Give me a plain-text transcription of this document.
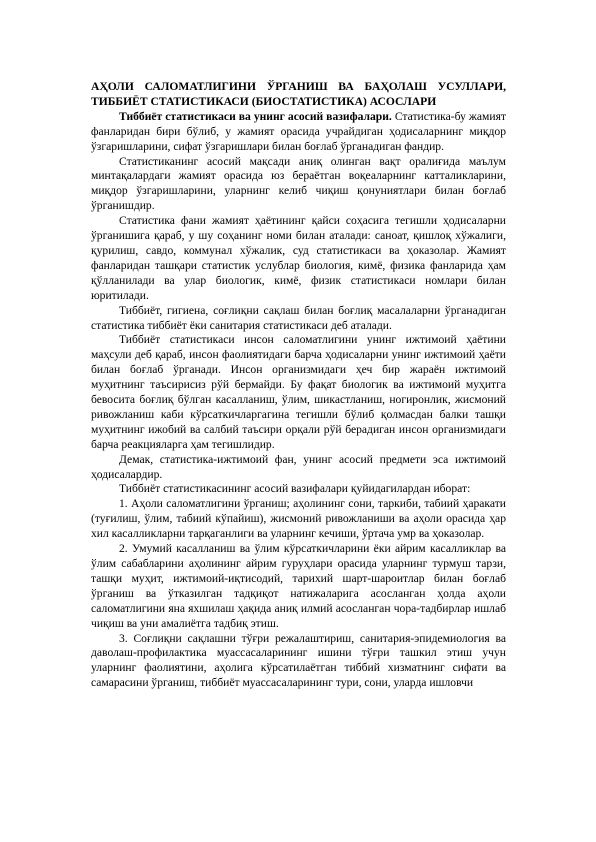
АҲОЛИ САЛОМАТЛИГИНИ ЎРГАНИШ ВА БАҲОЛАШ УСУЛЛАРИ, ТИББИЁТ СТАТИСТИКАСИ (БИОСТАТИСТИКА) АСОСЛАРИ

Тиббиёт статистикаси ва унинг асосий вазифалари. Статистика-бу жамият фанларидан бири бўлиб, у жамият орасида учрайдиган ҳодисаларнинг миқдор ўзгаришларини, сифат ўзгаришлари билан боғлаб ўрганадиган фандир.

Статистиканинг асосий мақсади аниқ олинган вақт оралиғида маълум минтақалардаги жамият орасида юз бераётган воқеаларнинг катталикларини, миқдор ўзгаришларини, уларнинг келиб чиқиш қонуниятлари билан боғлаб ўрганишдир.

Статистика фани жамият ҳаётининг қайси соҳасига тегишли ҳодисаларни ўрганишига қараб, у шу соҳанинг номи билан аталади: саноат, қишлоқ хўжалиги, қурилиш, савдо, коммунал хўжалик, суд статистикаси ва ҳоказолар. Жамият фанларидан ташқари статистик услублар биология, кимё, физика фанларида ҳам қўлланилади ва улар биологик, кимё, физик статистикаси номлари билан юритилади.

Тиббиёт, гигиена, соғлиқни сақлаш билан боғлиқ масалаларни ўрганадиган статистика тиббиёт ёки санитария статистикаси деб аталади.

Тиббиёт статистикаси инсон саломатлигини унинг ижтимоий ҳаётини маҳсули деб қараб, инсон фаолиятидаги барча ҳодисаларни унинг ижтимоий ҳаёти билан боғлаб ўрганади. Инсон организмидаги ҳеч бир жараён ижтимоий муҳитнинг таъсирисиз рўй бермайди. Бу фақат биологик ва ижтимоий муҳитга бевосита боғлиқ бўлган касалланиш, ўлим, шикастланиш, ногиронлик, жисмоний ривожланиш каби кўрсаткичларгагина тегишли бўлиб қолмасдан балки ташқи муҳитнинг ижобий ва салбий таъсири орқали рўй берадиган инсон организмидаги барча реакцияларга ҳам тегишлидир.

Демак, статистика-ижтимоий фан, унинг асосий предмети эса ижтимоий ҳодисалардир.

Тиббиёт статистикасининг асосий вазифалари қуйидагилардан иборат:

1. Аҳоли саломатлигини ўрганиш; аҳолининг сони, таркиби, табиий ҳаракати (туғилиш, ўлим, табиий кўпайиш), жисмоний ривожланиши ва аҳоли орасида ҳар хил касалликларни тарқаганлиги ва уларнинг кечиши, ўртача умр ва ҳоказолар.

2. Умумий касалланиш ва ўлим кўрсаткичларини ёки айрим касалликлар ва ўлим сабабларини аҳолининг айрим гуруҳлари орасида уларнинг турмуш тарзи, ташқи муҳит, ижтимоий-иқтисодий, тарихий шарт-шароитлар билан боғлаб ўрганиш ва ўтказилган тадқиқот натижаларига асосланган ҳолда аҳоли саломатлигини яна яхшилаш ҳақида аниқ илмий асосланган чора-тадбирлар ишлаб чиқиш ва уни амалиётга тадбиқ этиш.

3. Соғлиқни сақлашни тўғри режалаштириш, санитария-эпидемиология ва даволаш-профилактика муассасаларининг ишини тўғри ташкил этиш учун уларнинг фаолиятини, аҳолига кўрсатилаётган тиббий хизматнинг сифати ва самарасини ўрганиш, тиббиёт муассасаларининг тури, сони, уларда ишловчи
